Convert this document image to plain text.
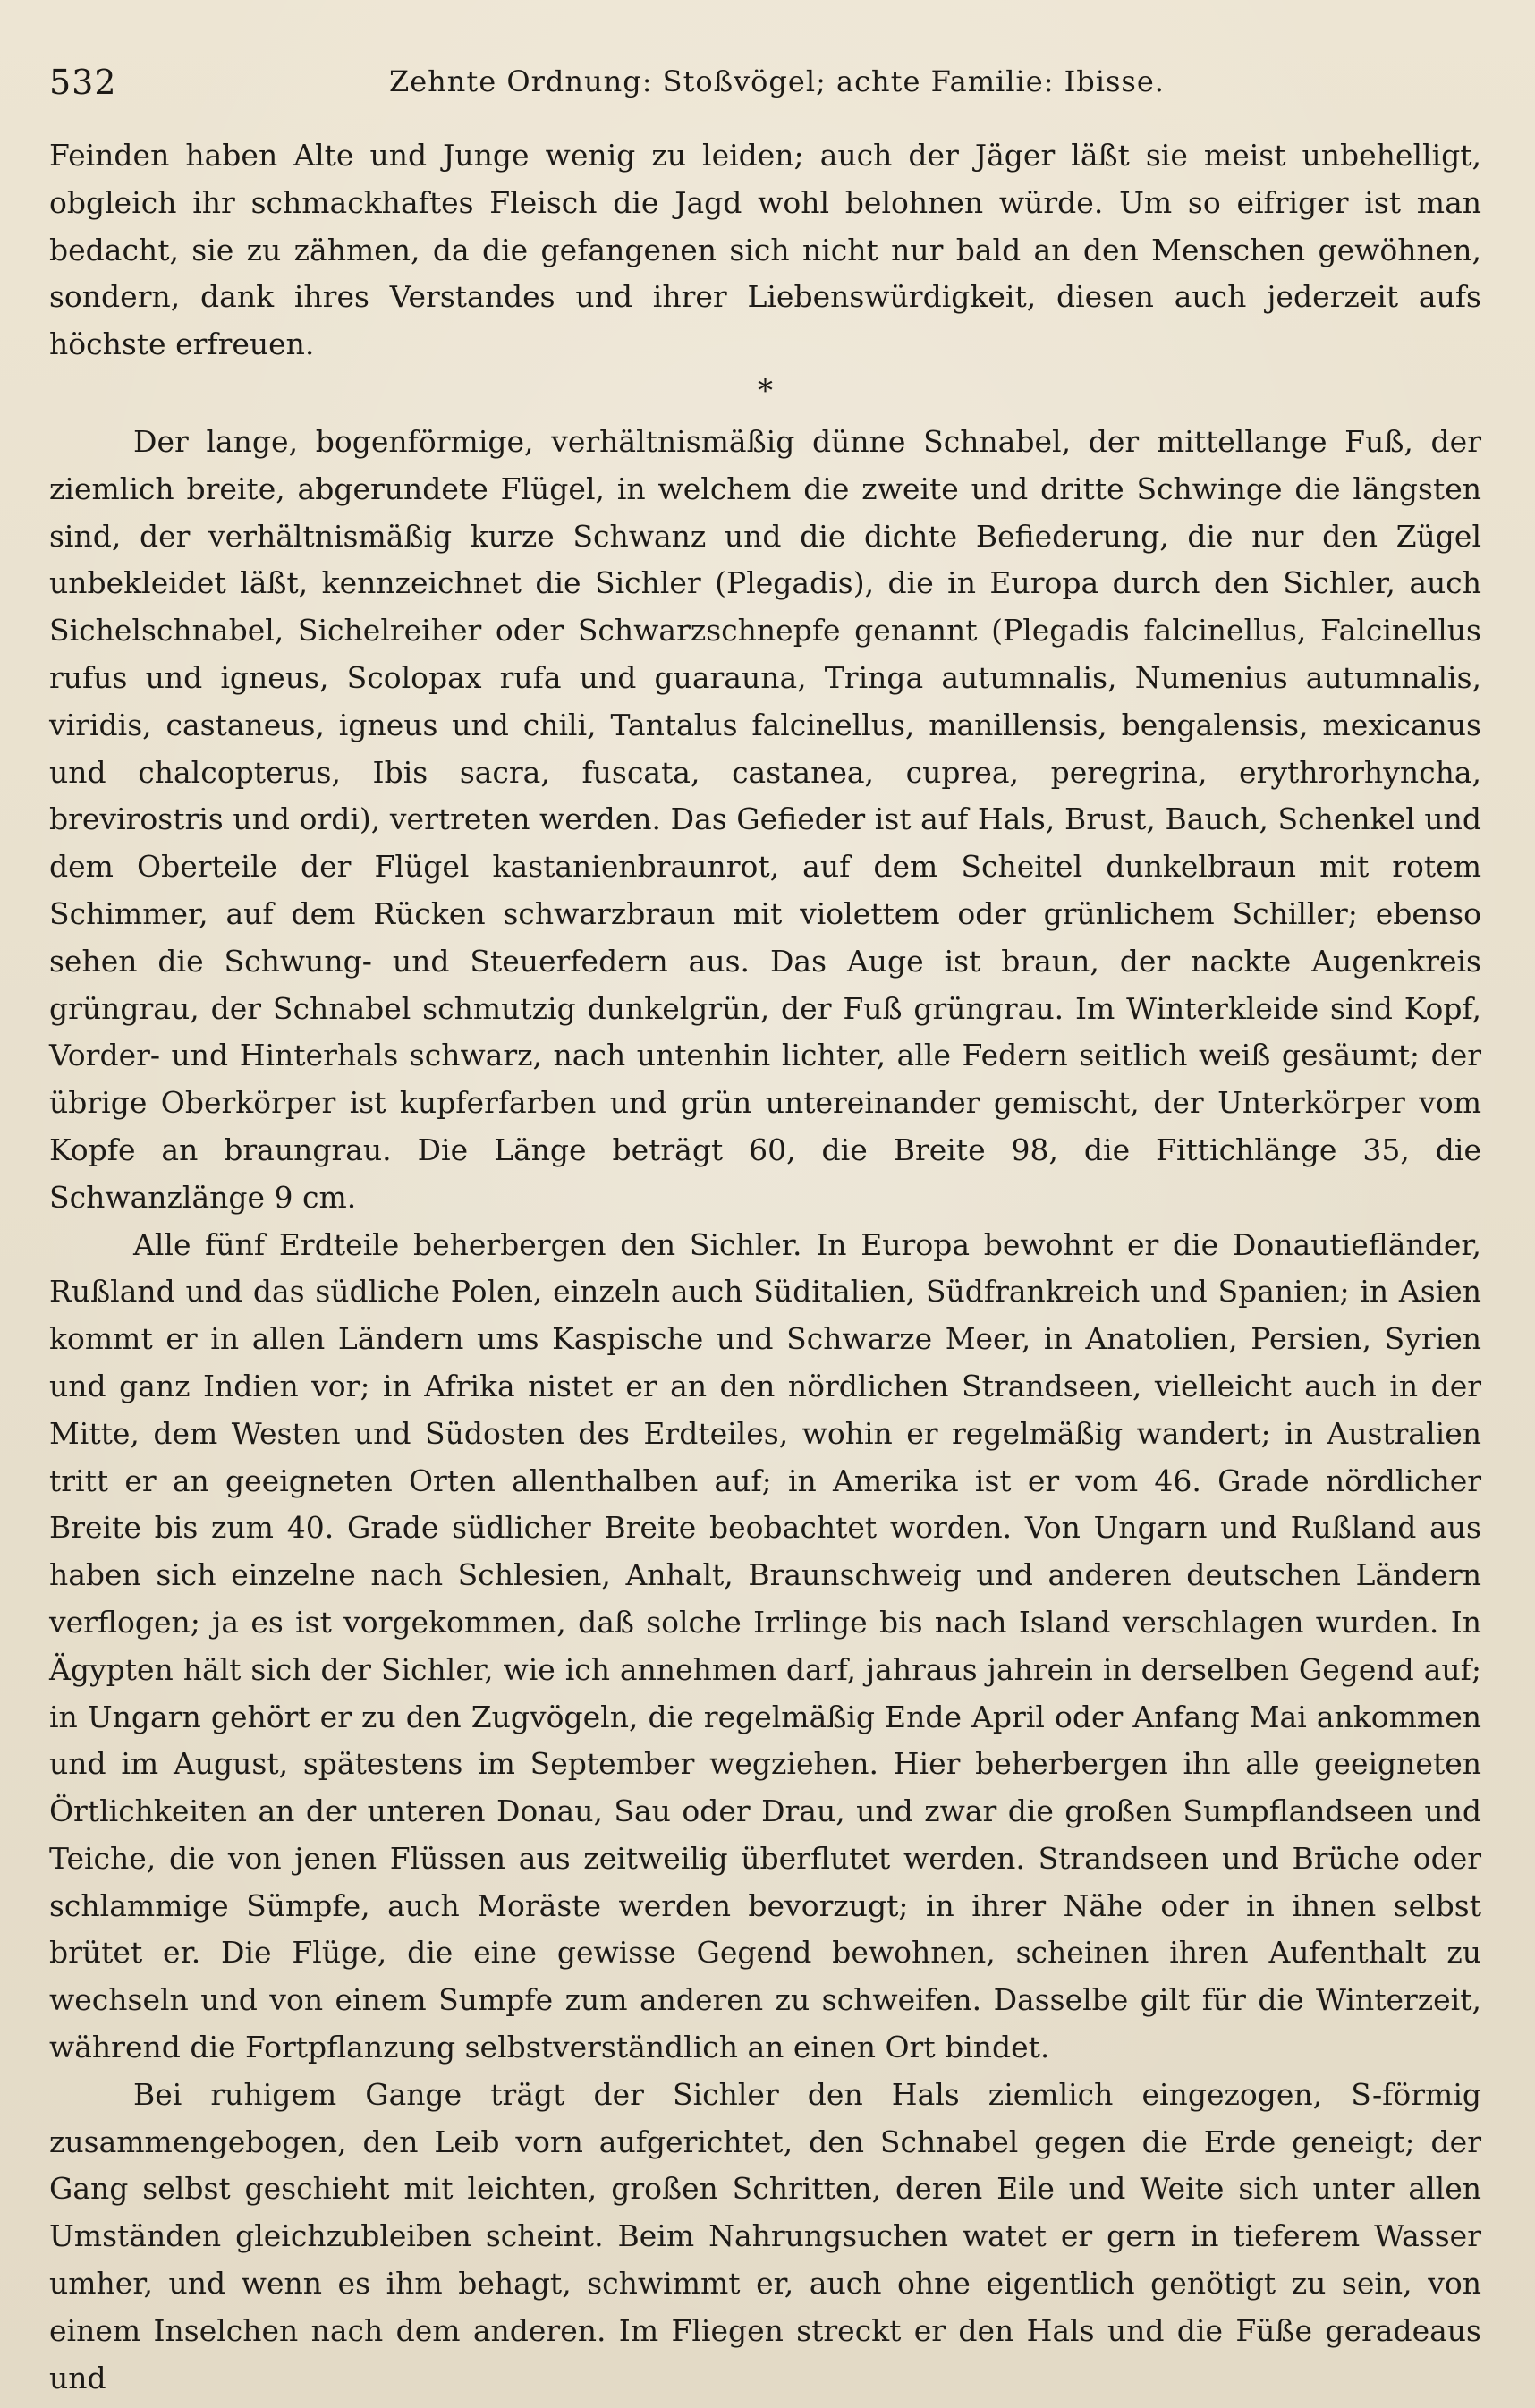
532	Zehnte Ordnung: Stoßvögel; achte Familie: Ibisse.

Feinden haben Alte und Junge wenig zu leiden; auch der Jäger läßt sie meist unbehelligt, obgleich ihr schmackhaftes Fleisch die Jagd wohl belohnen würde. Um so eifriger ist man bedacht, sie zu zähmen, da die gefangenen sich nicht nur bald an den Menschen gewöhnen, sondern, dank ihres Verstandes und ihrer Liebenswürdigkeit, diesen auch jederzeit aufs höchste erfreuen.

*

Der lange, bogenförmige, verhältnismäßig dünne Schnabel, der mittellange Fuß, der ziemlich breite, abgerundete Flügel, in welchem die zweite und dritte Schwinge die längsten sind, der verhältnismäßig kurze Schwanz und die dichte Befiederung, die nur den Zügel unbekleidet läßt, kennzeichnet die Sichler (Plegadis), die in Europa durch den Sichler, auch Sichelschnabel, Sichelreiher oder Schwarzschnepfe genannt (Plegadis falcinellus, Falcinellus rufus und igneus, Scolopax rufa und guarauna, Tringa autumnalis, Numenius autumnalis, viridis, castaneus, igneus und chili, Tantalus falcinellus, manillensis, bengalensis, mexicanus und chalcopterus, Ibis sacra, fuscata, castanea, cuprea, peregrina, erythrorhyncha, brevirostris und ordi), vertreten werden. Das Gefieder ist auf Hals, Brust, Bauch, Schenkel und dem Oberteile der Flügel kastanienbraunrot, auf dem Scheitel dunkelbraun mit rotem Schimmer, auf dem Rücken schwarzbraun mit violettem oder grünlichem Schiller; ebenso sehen die Schwung- und Steuerfedern aus. Das Auge ist braun, der nackte Augenkreis grüngrau, der Schnabel schmutzig dunkelgrün, der Fuß grüngrau. Im Winterkleide sind Kopf, Vorder- und Hinterhals schwarz, nach untenhin lichter, alle Federn seitlich weiß gesäumt; der übrige Oberkörper ist kupferfarben und grün untereinander gemischt, der Unterkörper vom Kopfe an braungrau. Die Länge beträgt 60, die Breite 98, die Fittichlänge 35, die Schwanzlänge 9 cm.

Alle fünf Erdteile beherbergen den Sichler. In Europa bewohnt er die Donautiefländer, Rußland und das südliche Polen, einzeln auch Süditalien, Südfrankreich und Spanien; in Asien kommt er in allen Ländern ums Kaspische und Schwarze Meer, in Anatolien, Persien, Syrien und ganz Indien vor; in Afrika nistet er an den nördlichen Strandseen, vielleicht auch in der Mitte, dem Westen und Südosten des Erdteiles, wohin er regelmäßig wandert; in Australien tritt er an geeigneten Orten allenthalben auf; in Amerika ist er vom 46. Grade nördlicher Breite bis zum 40. Grade südlicher Breite beobachtet worden. Von Ungarn und Rußland aus haben sich einzelne nach Schlesien, Anhalt, Braunschweig und anderen deutschen Ländern verflogen; ja es ist vorgekommen, daß solche Irrlinge bis nach Island verschlagen wurden. In Ägypten hält sich der Sichler, wie ich annehmen darf, jahraus jahrein in derselben Gegend auf; in Ungarn gehört er zu den Zugvögeln, die regelmäßig Ende April oder Anfang Mai ankommen und im August, spätestens im September wegziehen. Hier beherbergen ihn alle geeigneten Örtlichkeiten an der unteren Donau, Sau oder Drau, und zwar die großen Sumpflandseen und Teiche, die von jenen Flüssen aus zeitweilig überflutet werden. Strandseen und Brüche oder schlammige Sümpfe, auch Moräste werden bevorzugt; in ihrer Nähe oder in ihnen selbst brütet er. Die Flüge, die eine gewisse Gegend bewohnen, scheinen ihren Aufenthalt zu wechseln und von einem Sumpfe zum anderen zu schweifen. Dasselbe gilt für die Winterzeit, während die Fortpflanzung selbstverständlich an einen Ort bindet.

Bei ruhigem Gange trägt der Sichler den Hals ziemlich eingezogen, S-förmig zusammengebogen, den Leib vorn aufgerichtet, den Schnabel gegen die Erde geneigt; der Gang selbst geschieht mit leichten, großen Schritten, deren Eile und Weite sich unter allen Umständen gleichzubleiben scheint. Beim Nahrungsuchen watet er gern in tieferem Wasser umher, und wenn es ihm behagt, schwimmt er, auch ohne eigentlich genötigt zu sein, von einem Inselchen nach dem anderen. Im Fliegen streckt er den Hals und die Füße geradeaus und
